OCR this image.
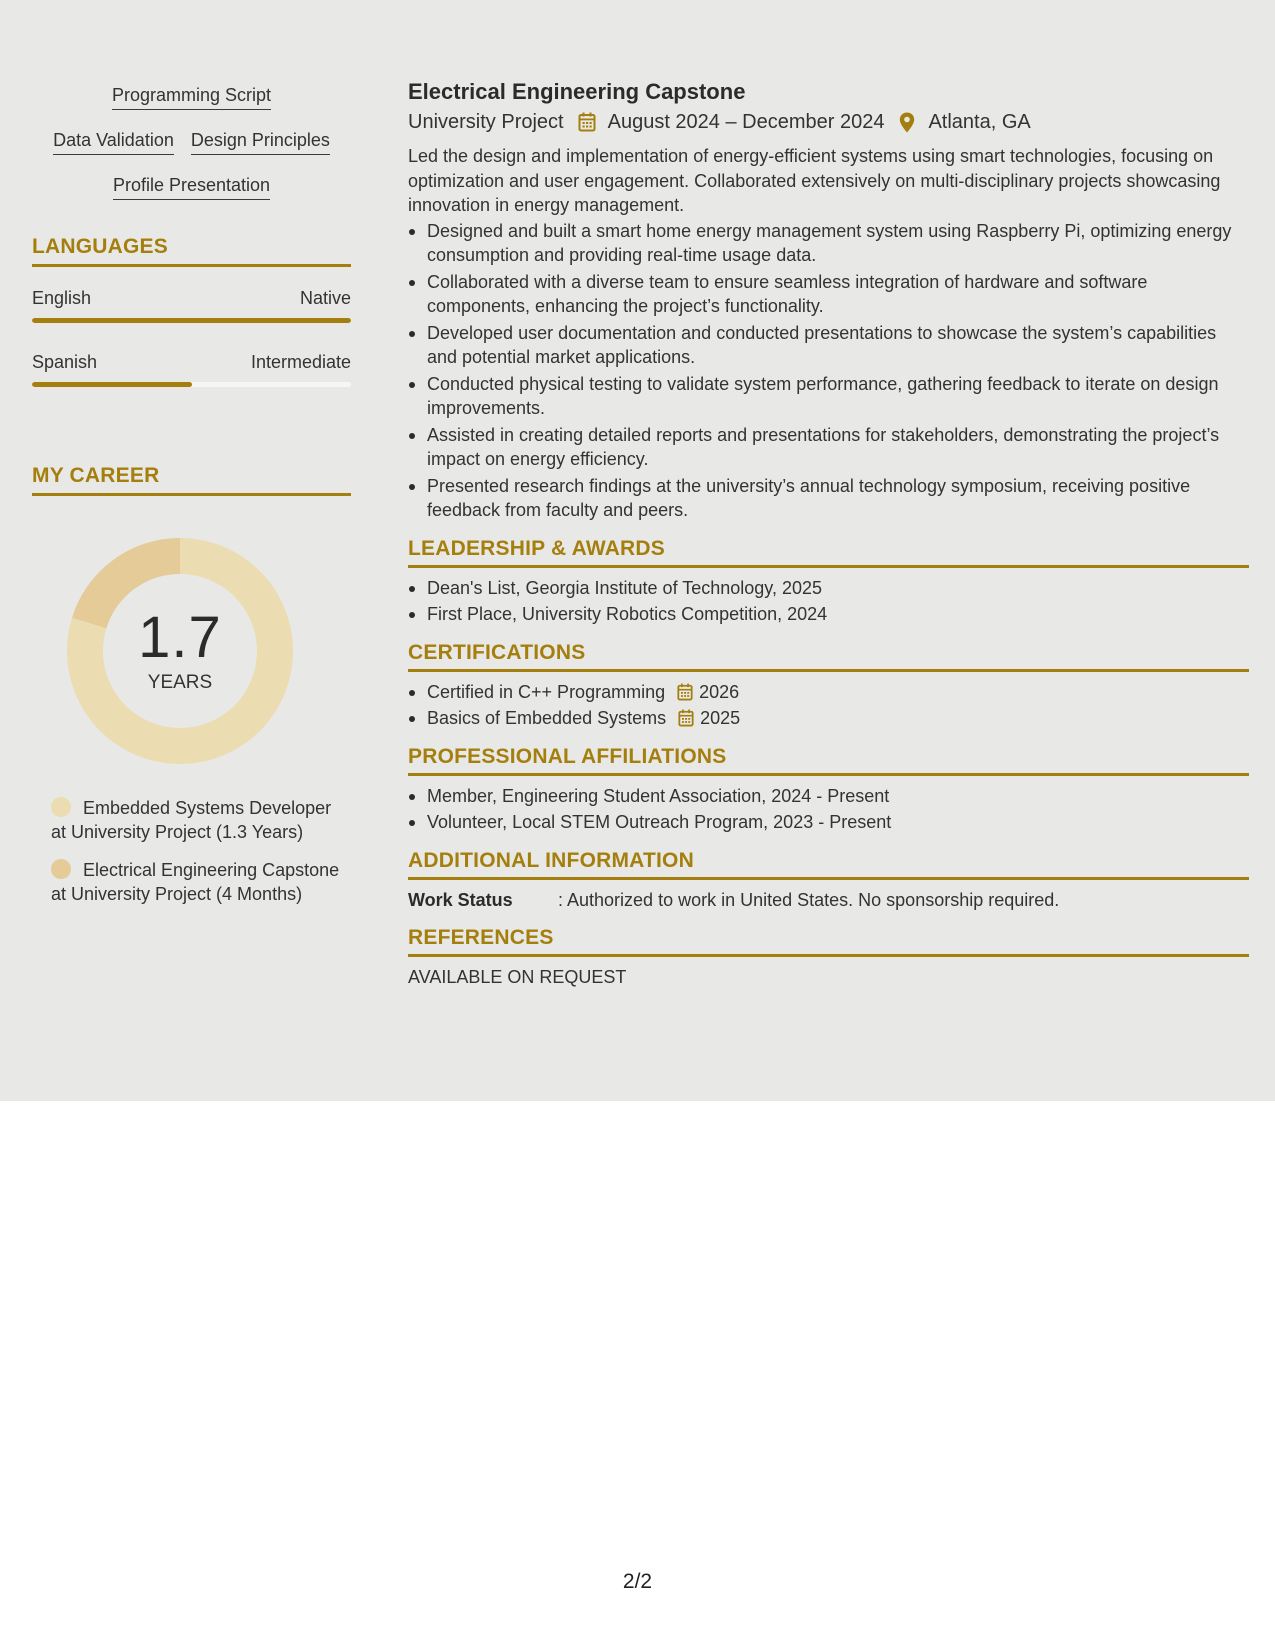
Programming Script
Data Validation Design Principles
Profile Presentation
LANGUAGES
English	Native
Spanish	Intermediate
MY CAREER
1.7
YEARS
Embedded Systems Developer at University Project (1.3 Years)
Electrical Engineering Capstone at University Project (4 Months)
Electrical Engineering Capstone
University Project August 2024 – December 2024 Atlanta, GA

Led the design and implementation of energy-efficient systems using smart technologies, focusing on optimization and user engagement. Collaborated extensively on multi-disciplinary projects showcasing innovation in energy management.

Designed and built a smart home energy management system using Raspberry Pi, optimizing energy consumption and providing real-time usage data.
Collaborated with a diverse team to ensure seamless integration of hardware and software components, enhancing the project’s functionality.
Developed user documentation and conducted presentations to showcase the system’s capabilities and potential market applications.
Conducted physical testing to validate system performance, gathering feedback to iterate on design improvements.
Assisted in creating detailed reports and presentations for stakeholders, demonstrating the project’s impact on energy efficiency.
Presented research findings at the university’s annual technology symposium, receiving positive feedback from faculty and peers.
LEADERSHIP & AWARDS
Dean's List, Georgia Institute of Technology, 2025
First Place, University Robotics Competition, 2024
CERTIFICATIONS
Certified in C++ Programming 2026
Basics of Embedded Systems 2025
PROFESSIONAL AFFILIATIONS
Member, Engineering Student Association, 2024 - Present
Volunteer, Local STEM Outreach Program, 2023 - Present
ADDITIONAL INFORMATION
Work Status	: Authorized to work in United States. No sponsorship required.
REFERENCES
AVAILABLE ON REQUEST
2/2
